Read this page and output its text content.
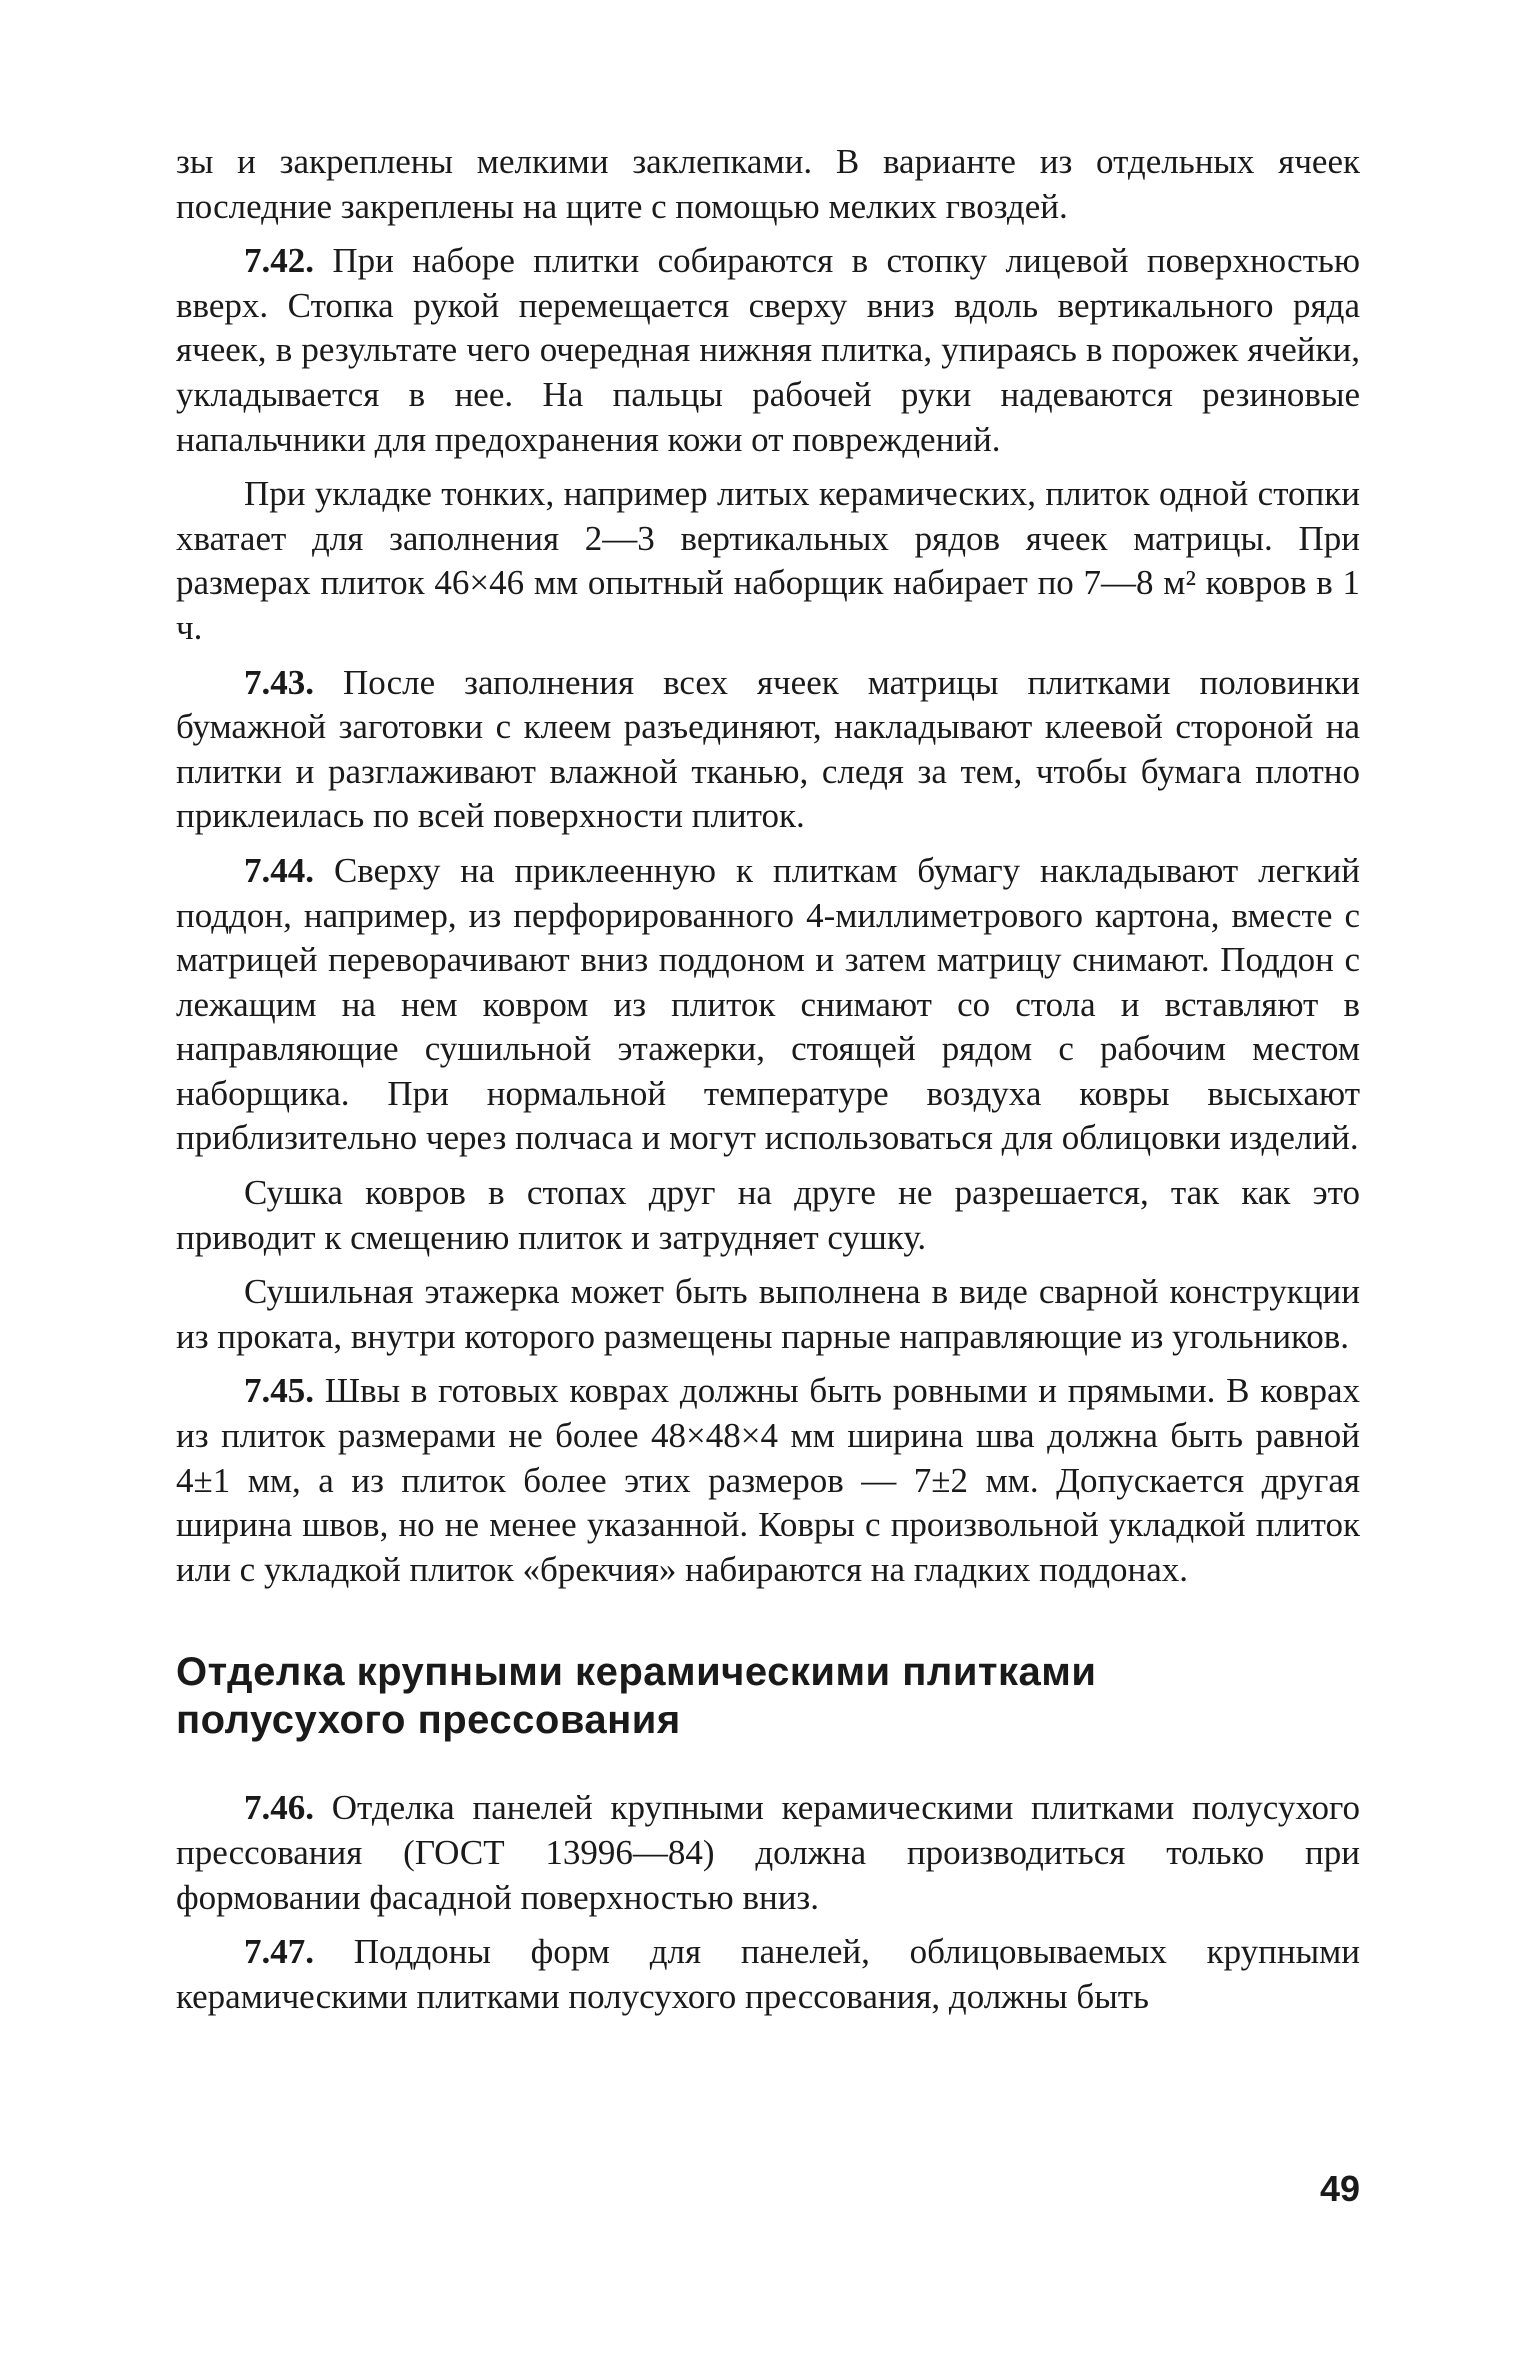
зы и закреплены мелкими заклепками. В варианте из отдельных ячеек последние закреплены на щите с помощью мелких гвоздей.

7.42. При наборе плитки собираются в стопку лицевой поверхностью вверх. Стопка рукой перемещается сверху вниз вдоль вертикального ряда ячеек, в результате чего очередная нижняя плитка, упираясь в порожек ячейки, укладывается в нее. На пальцы рабочей руки надеваются резиновые напальчники для предохранения кожи от повреждений.

При укладке тонких, например литых керамических, плиток одной стопки хватает для заполнения 2—3 вертикальных рядов ячеек матрицы. При размерах плиток 46×46 мм опытный наборщик набирает по 7—8 м² ковров в 1 ч.

7.43. После заполнения всех ячеек матрицы плитками половинки бумажной заготовки с клеем разъединяют, накладывают клеевой стороной на плитки и разглаживают влажной тканью, следя за тем, чтобы бумага плотно приклеилась по всей поверхности плиток.

7.44. Сверху на приклеенную к плиткам бумагу накладывают легкий поддон, например, из перфорированного 4-миллиметрового картона, вместе с матрицей переворачивают вниз поддоном и затем матрицу снимают. Поддон с лежащим на нем ковром из плиток снимают со стола и вставляют в направляющие сушильной этажерки, стоящей рядом с рабочим местом наборщика. При нормальной температуре воздуха ковры высыхают приблизительно через полчаса и могут использоваться для облицовки изделий.

Сушка ковров в стопах друг на друге не разрешается, так как это приводит к смещению плиток и затрудняет сушку.

Сушильная этажерка может быть выполнена в виде сварной конструкции из проката, внутри которого размещены парные направляющие из угольников.

7.45. Швы в готовых коврах должны быть ровными и прямыми. В коврах из плиток размерами не более 48×48×4 мм ширина шва должна быть равной 4±1 мм, а из плиток более этих размеров — 7±2 мм. Допускается другая ширина швов, но не менее указанной. Ковры с произвольной укладкой плиток или с укладкой плиток «брекчия» набираются на гладких поддонах.

Отделка крупными керамическими плитками
полусухого прессования

7.46. Отделка панелей крупными керамическими плитками полусухого прессования (ГОСТ 13996—84) должна производиться только при формовании фасадной поверхностью вниз.

7.47. Поддоны форм для панелей, облицовываемых крупными керамическими плитками полусухого прессования, должны быть

49
